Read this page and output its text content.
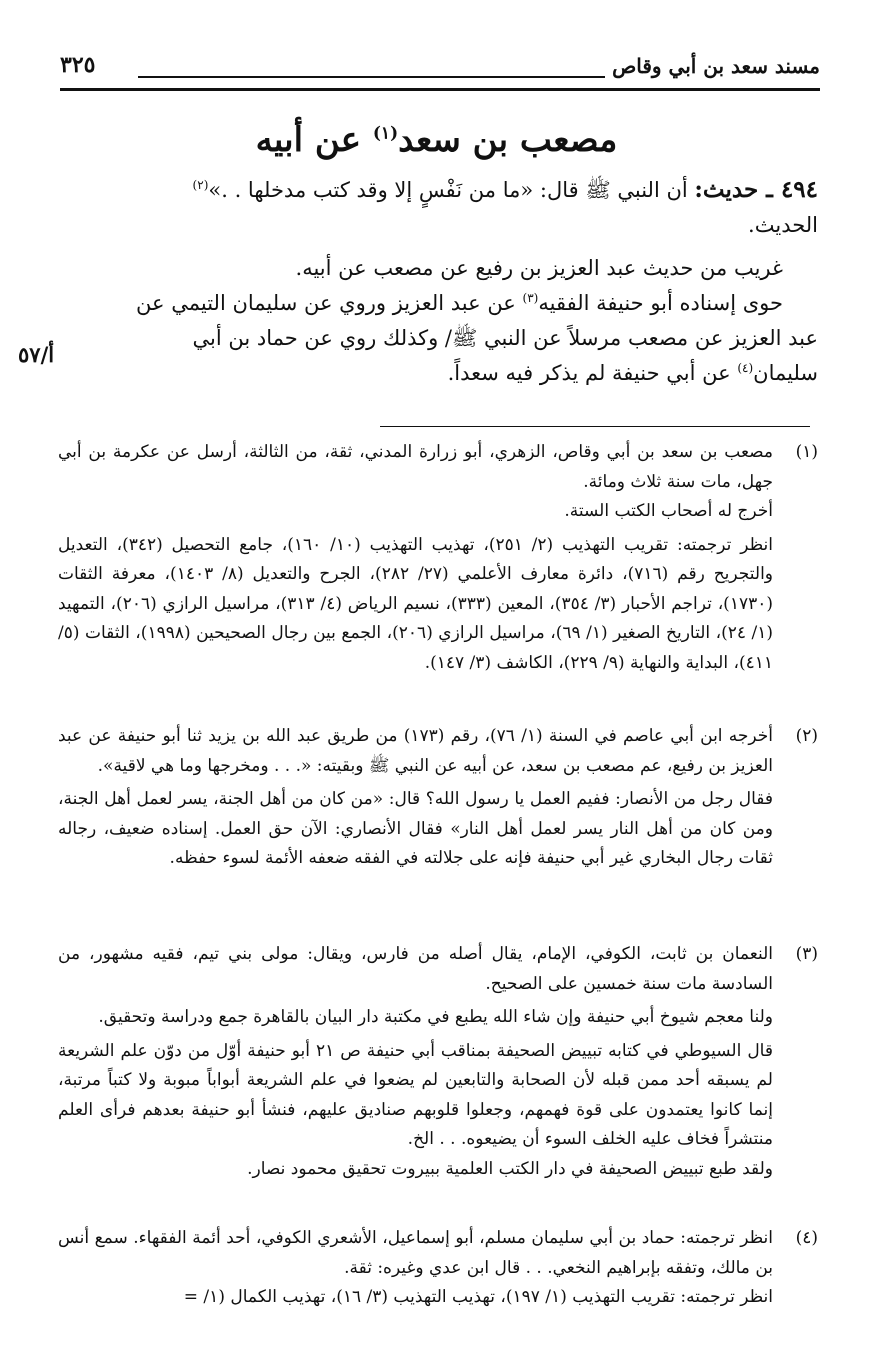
مسند سعد بن أبي وقاص
٣٢٥
مصعب بن سعد$^{(١)}$ عن أبيه

٤٩٤ ـ حديث: أن النبي ﷺ قال: «ما من نَفْسٍ إلا وقد كتب مدخلها . .»$^{(٢)}$

الحديث.

غريب من حديث عبد العزيز بن رفيع عن مصعب عن أبيه.

حوى إسناده أبو حنيفة الفقيه$^{(٣)}$ عن عبد العزيز وروي عن سليمان التيمي عن

عبد العزيز عن مصعب مرسلاً عن النبي ﷺ/ وكذلك روي عن حماد بن أبي

سليمان$^{(٤)}$ عن أبي حنيفة لم يذكر فيه سعداً.

أ/٥٧
(١)

مصعب بن سعد بن أبي وقاص، الزهري، أبو زرارة المدني، ثقة، من الثالثة، أرسل عن عكرمة بن أبي جهل، مات سنة ثلاث ومائة.

أخرج له أصحاب الكتب الستة.

انظر ترجمته: تقريب التهذيب (٢/ ٢٥١)، تهذيب التهذيب (١٠/ ١٦٠)، جامع التحصيل (٣٤٢)، التعديل والتجريح رقم (٧١٦)، دائرة معارف الأعلمي (٢٧/ ٢٨٢)، الجرح والتعديل (٨/ ١٤٠٣)، معرفة الثقات (١٧٣٠)، تراجم الأحبار (٣/ ٣٥٤)، المعين (٣٣٣)، نسيم الرياض (٤/ ٣١٣)، مراسيل الرازي (٢٠٦)، التمهيد (١/ ٢٤)، التاريخ الصغير (١/ ٦٩)، مراسيل الرازي (٢٠٦)، الجمع بين رجال الصحيحين (١٩٩٨)، الثقات (٥/ ٤١١)، البداية والنهاية (٩/ ٢٢٩)، الكاشف (٣/ ١٤٧).

(٢)

أخرجه ابن أبي عاصم في السنة (١/ ٧٦)، رقم (١٧٣) من طريق عبد الله بن يزيد ثنا أبو حنيفة عن عبد العزيز بن رفيع، عم مصعب بن سعد، عن أبيه عن النبي ﷺ وبقيته: «. . . ومخرجها وما هي لاقية».

فقال رجل من الأنصار: ففيم العمل يا رسول الله؟ قال: «من كان من أهل الجنة، يسر لعمل أهل الجنة، ومن كان من أهل النار يسر لعمل أهل النار» فقال الأنصاري: الآن حق العمل. إسناده ضعيف، رجاله ثقات رجال البخاري غير أبي حنيفة فإنه على جلالته في الفقه ضعفه الأئمة لسوء حفظه.

(٣)

النعمان بن ثابت، الكوفي، الإمام، يقال أصله من فارس، ويقال: مولى بني تيم، فقيه مشهور، من السادسة مات سنة خمسين على الصحيح.

ولنا معجم شيوخ أبي حنيفة وإن شاء الله يطبع في مكتبة دار البيان بالقاهرة جمع ودراسة وتحقيق.

قال السيوطي في كتابه تبييض الصحيفة بمناقب أبي حنيفة ص ٢١ أبو حنيفة أوّل من دوّن علم الشريعة لم يسبقه أحد ممن قبله لأن الصحابة والتابعين لم يضعوا في علم الشريعة أبواباً مبوبة ولا كتباً مرتبة، إنما كانوا يعتمدون على قوة فهمهم، وجعلوا قلوبهم صناديق عليهم، فنشأ أبو حنيفة بعدهم فرأى العلم منتشراً فخاف عليه الخلف السوء أن يضيعوه. . . الخ.

ولقد طبع تبييض الصحيفة في دار الكتب العلمية ببيروت تحقيق محمود نصار.

(٤)

انظر ترجمته: حماد بن أبي سليمان مسلم، أبو إسماعيل، الأشعري الكوفي، أحد أئمة الفقهاء. سمع أنس بن مالك، وتفقه بإبراهيم النخعي. . . قال ابن عدي وغيره: ثقة.

انظر ترجمته: تقريب التهذيب (١/ ١٩٧)، تهذيب التهذيب (٣/ ١٦)، تهذيب الكمال (١/ =
